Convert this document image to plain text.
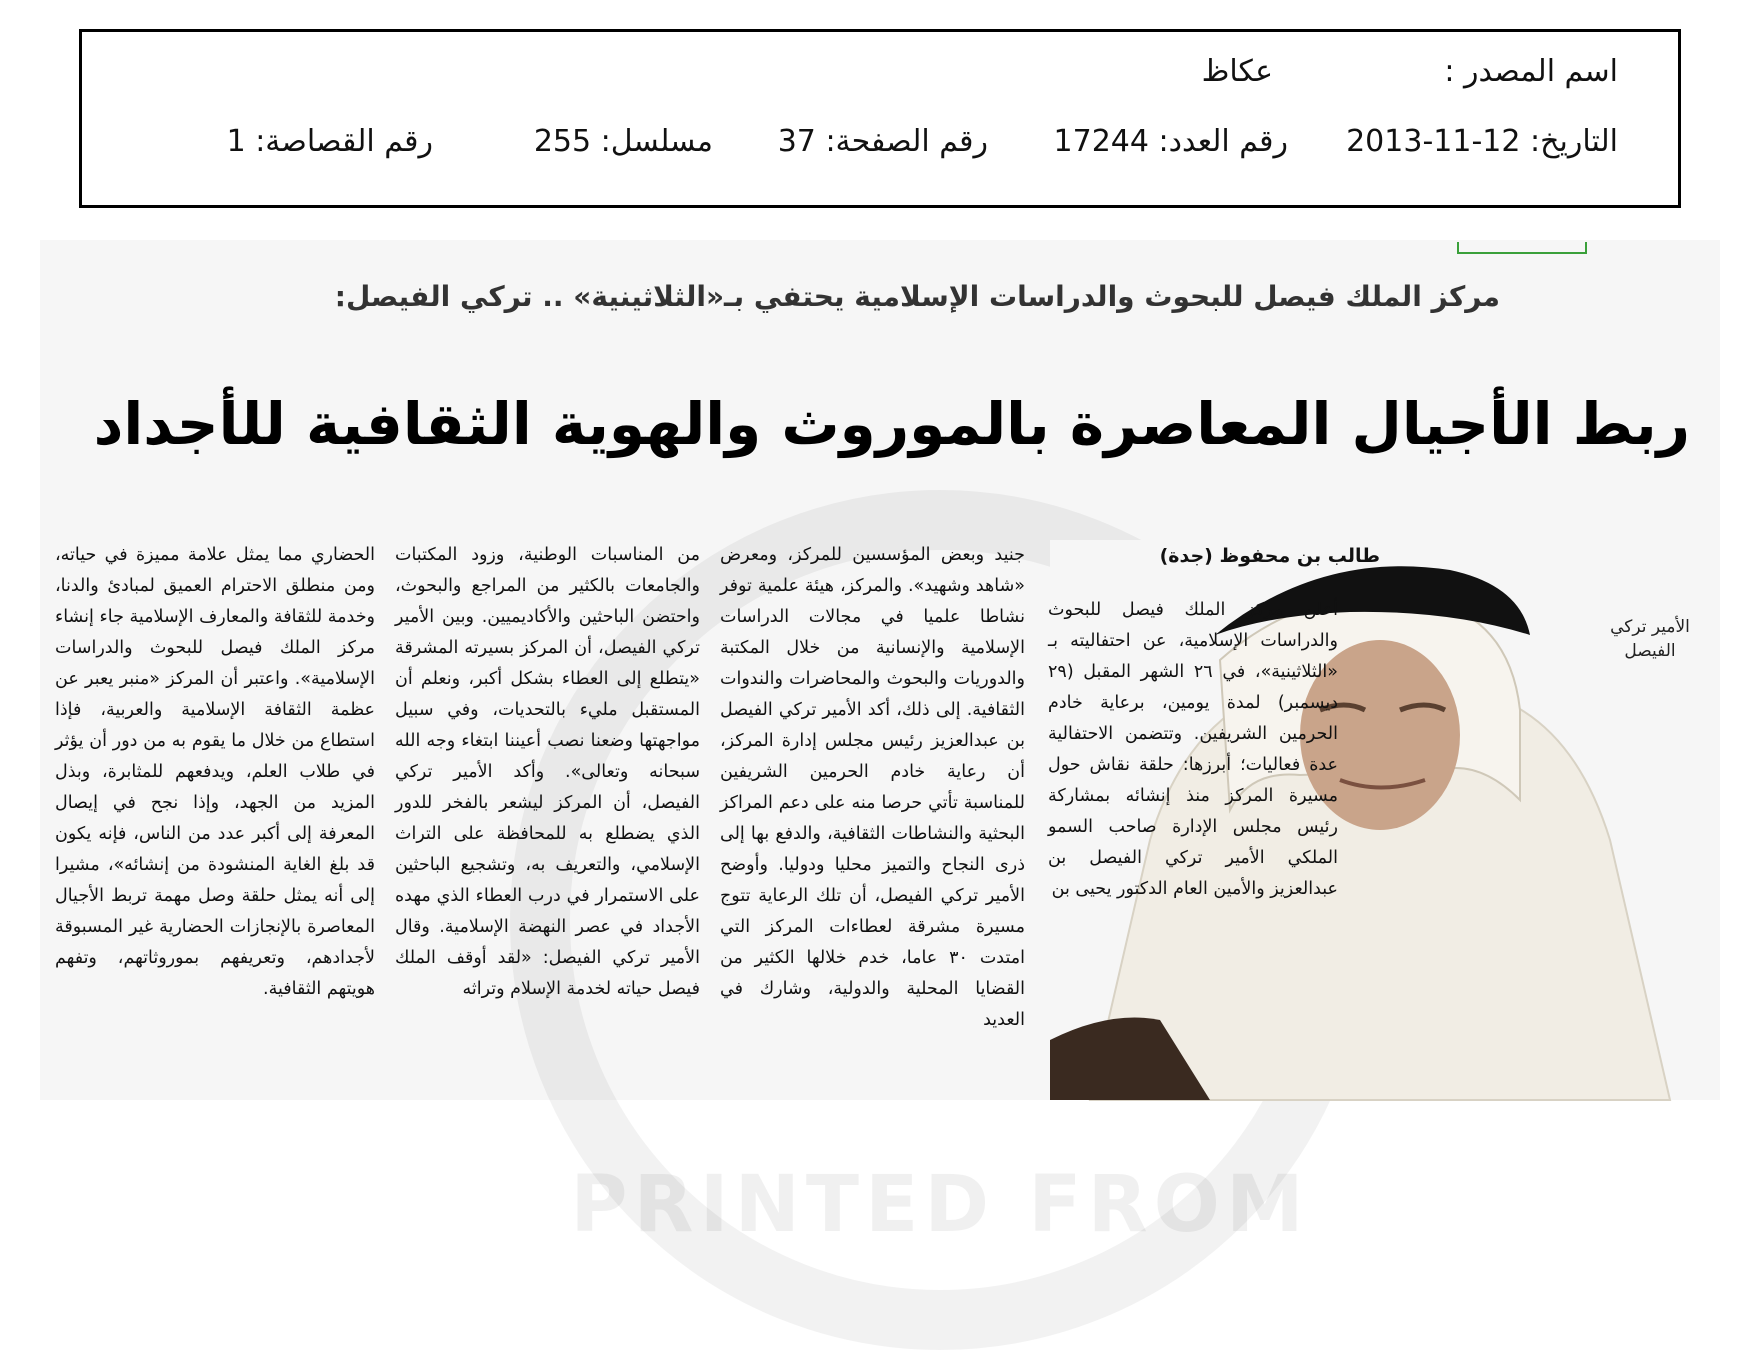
اسم المصدر :
عكاظ
التاريخ: 12-11-2013
رقم العدد: 17244
رقم الصفحة: 37
مسلسل: 255
رقم القصاصة: 1
PRINTED FROM
مركز الملك فيصل للبحوث والدراسات الإسلامية يحتفي بـ«الثلاثينية» .. تركي الفيصل:
ربط الأجيال المعاصرة بالموروث والهوية الثقافية للأجداد
الأمير تركي الفيصل
طالب بن محفوظ (جدة)

أعلن مركز الملك فيصل للبحوث والدراسات الإسلامية، عن احتفاليته بـ «الثلاثينية»، في ٢٦ الشهر المقبل (٢٩ ديسمبر) لمدة يومين، برعاية خادم الحرمين الشريفين. وتتضمن الاحتفالية عدة فعاليات؛ أبرزها: حلقة نقاش حول مسيرة المركز منذ إنشائه بمشاركة رئيس مجلس الإدارة صاحب السمو الملكي الأمير تركي الفيصل بن عبدالعزيز والأمين العام الدكتور يحيى بن

جنيد وبعض المؤسسين للمركز، ومعرض «شاهد وشهيد». والمركز، هيئة علمية توفر نشاطا علميا في مجالات الدراسات الإسلامية والإنسانية من خلال المكتبة والدوريات والبحوث والمحاضرات والندوات الثقافية. إلى ذلك، أكد الأمير تركي الفيصل بن عبدالعزيز رئيس مجلس إدارة المركز، أن رعاية خادم الحرمين الشريفين للمناسبة تأتي حرصا منه على دعم المراكز البحثية والنشاطات الثقافية، والدفع بها إلى ذرى النجاح والتميز محليا ودوليا. وأوضح الأمير تركي الفيصل، أن تلك الرعاية تتوج مسيرة مشرقة لعطاءات المركز التي امتدت ٣٠ عاما، خدم خلالها الكثير من القضايا المحلية والدولية، وشارك في العديد

من المناسبات الوطنية، وزود المكتبات والجامعات بالكثير من المراجع والبحوث، واحتضن الباحثين والأكاديميين. وبين الأمير تركي الفيصل، أن المركز بسيرته المشرقة «يتطلع إلى العطاء بشكل أكبر، ونعلم أن المستقبل مليء بالتحديات، وفي سبيل مواجهتها وضعنا نصب أعيننا ابتغاء وجه الله سبحانه وتعالى». وأكد الأمير تركي الفيصل، أن المركز ليشعر بالفخر للدور الذي يضطلع به للمحافظة على التراث الإسلامي، والتعريف به، وتشجيع الباحثين على الاستمرار في درب العطاء الذي مهده الأجداد في عصر النهضة الإسلامية. وقال الأمير تركي الفيصل: «لقد أوقف الملك فيصل حياته لخدمة الإسلام وتراثه

الحضاري مما يمثل علامة مميزة في حياته، ومن منطلق الاحترام العميق لمبادئ والدنا، وخدمة للثقافة والمعارف الإسلامية جاء إنشاء مركز الملك فيصل للبحوث والدراسات الإسلامية». واعتبر أن المركز «منبر يعبر عن عظمة الثقافة الإسلامية والعربية، فإذا استطاع من خلال ما يقوم به من دور أن يؤثر في طلاب العلم، ويدفعهم للمثابرة، وبذل المزيد من الجهد، وإذا نجح في إيصال المعرفة إلى أكبر عدد من الناس، فإنه يكون قد بلغ الغاية المنشودة من إنشائه»، مشيرا إلى أنه يمثل حلقة وصل مهمة تربط الأجيال المعاصرة بالإنجازات الحضارية غير المسبوقة لأجدادهم، وتعريفهم بموروثاتهم، وتفهم هويتهم الثقافية.
